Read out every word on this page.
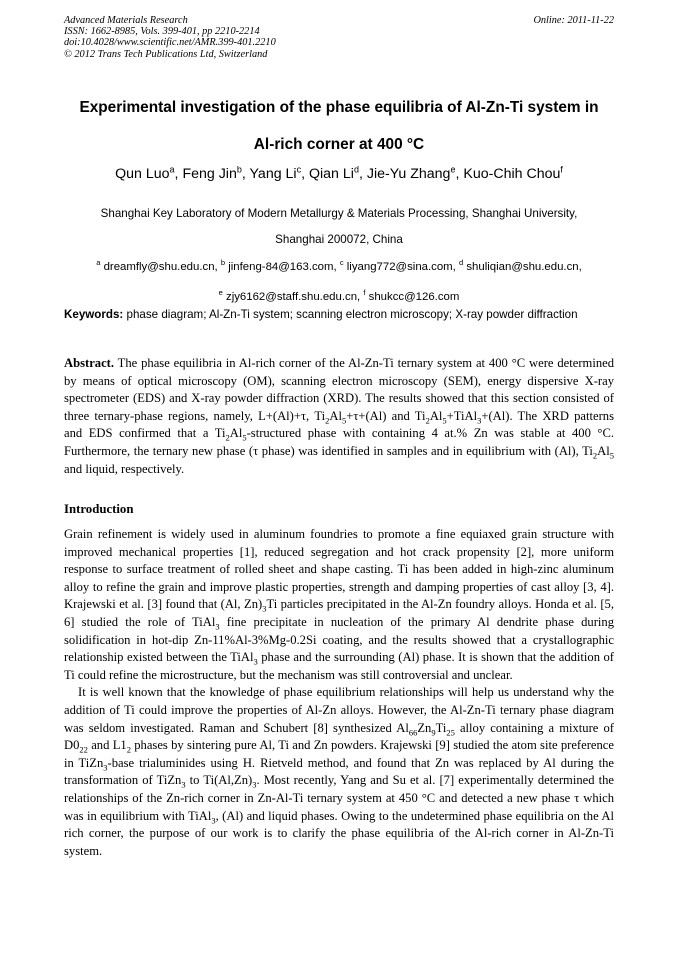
Advanced Materials Research
ISSN: 1662-8985, Vols. 399-401, pp 2210-2214
doi:10.4028/www.scientific.net/AMR.399-401.2210
© 2012 Trans Tech Publications Ltd, Switzerland
Online: 2011-11-22
Experimental investigation of the phase equilibria of Al-Zn-Ti system in
Al-rich corner at 400 °C
Qun Luo$^a$, Feng Jin$^b$, Yang Li$^c$, Qian Li$^d$, Jie-Yu Zhang$^e$, Kuo-Chih Chou$^f$
Shanghai Key Laboratory of Modern Metallurgy & Materials Processing, Shanghai University,
Shanghai 200072, China
$^a$ dreamfly@shu.edu.cn, $^b$ jinfeng-84@163.com, $^c$ liyang772@sina.com, $^d$ shuliqian@shu.edu.cn,
$^e$ zjy6162@staff.shu.edu.cn, $^f$ shukcc@126.com
Keywords: phase diagram; Al-Zn-Ti system; scanning electron microscopy; X-ray powder diffraction
Abstract. The phase equilibria in Al-rich corner of the Al-Zn-Ti ternary system at 400 °C were determined by means of optical microscopy (OM), scanning electron microscopy (SEM), energy dispersive X-ray spectrometer (EDS) and X-ray powder diffraction (XRD). The results showed that this section consisted of three ternary-phase regions, namely, L+(Al)+τ, $Ti_2Al_5+\tau+(Al)$ and $Ti_2Al_5+TiAl_3+(Al)$. The XRD patterns and EDS confirmed that a $Ti_2Al_5$-structured phase with containing 4 at.% Zn was stable at 400 °C. Furthermore, the ternary new phase (τ phase) was identified in samples and in equilibrium with (Al), $Ti_2Al_5$ and liquid, respectively.
Introduction

Grain refinement is widely used in aluminum foundries to promote a fine equiaxed grain structure with improved mechanical properties [1], reduced segregation and hot crack propensity [2], more uniform response to surface treatment of rolled sheet and shape casting. Ti has been added in high-zinc aluminum alloy to refine the grain and improve plastic properties, strength and damping properties of cast alloy [3, 4]. Krajewski et al. [3] found that (Al, $Zn)_3Ti$ particles precipitated in the Al-Zn foundry alloys. Honda et al. [5, 6] studied the role of TiAl$_3$ fine precipitate in nucleation of the primary Al dendrite phase during solidification in hot-dip Zn-11%Al-3%Mg-0.2Si coating, and the results showed that a crystallographic relationship existed between the TiAl$_3$ phase and the surrounding (Al) phase. It is shown that the addition of Ti could refine the microstructure, but the mechanism was still controversial and unclear.

It is well known that the knowledge of phase equilibrium relationships will help us understand why the addition of Ti could improve the properties of Al-Zn alloys. However, the Al-Zn-Ti ternary phase diagram was seldom investigated. Raman and Schubert [8] synthesized $Al_{66}Zn_9Ti_{25}$ alloy containing a mixture of $D0_{22}$ and $L1_2$ phases by sintering pure Al, Ti and Zn powders. Krajewski [9] studied the atom site preference in TiZn$_3$-base trialuminides using H. Rietveld method, and found that Zn was replaced by Al during the transformation of TiZn$_3$ to $Ti(Al,Zn)_3$. Most recently, Yang and Su et al. [7] experimentally determined the relationships of the Zn-rich corner in Zn-Al-Ti ternary system at 450 °C and detected a new phase τ which was in equilibrium with TiAl$_3$, (Al) and liquid phases. Owing to the undetermined phase equilibria on the Al rich corner, the purpose of our work is to clarify the phase equilibria of the Al-rich corner in Al-Zn-Ti system.
